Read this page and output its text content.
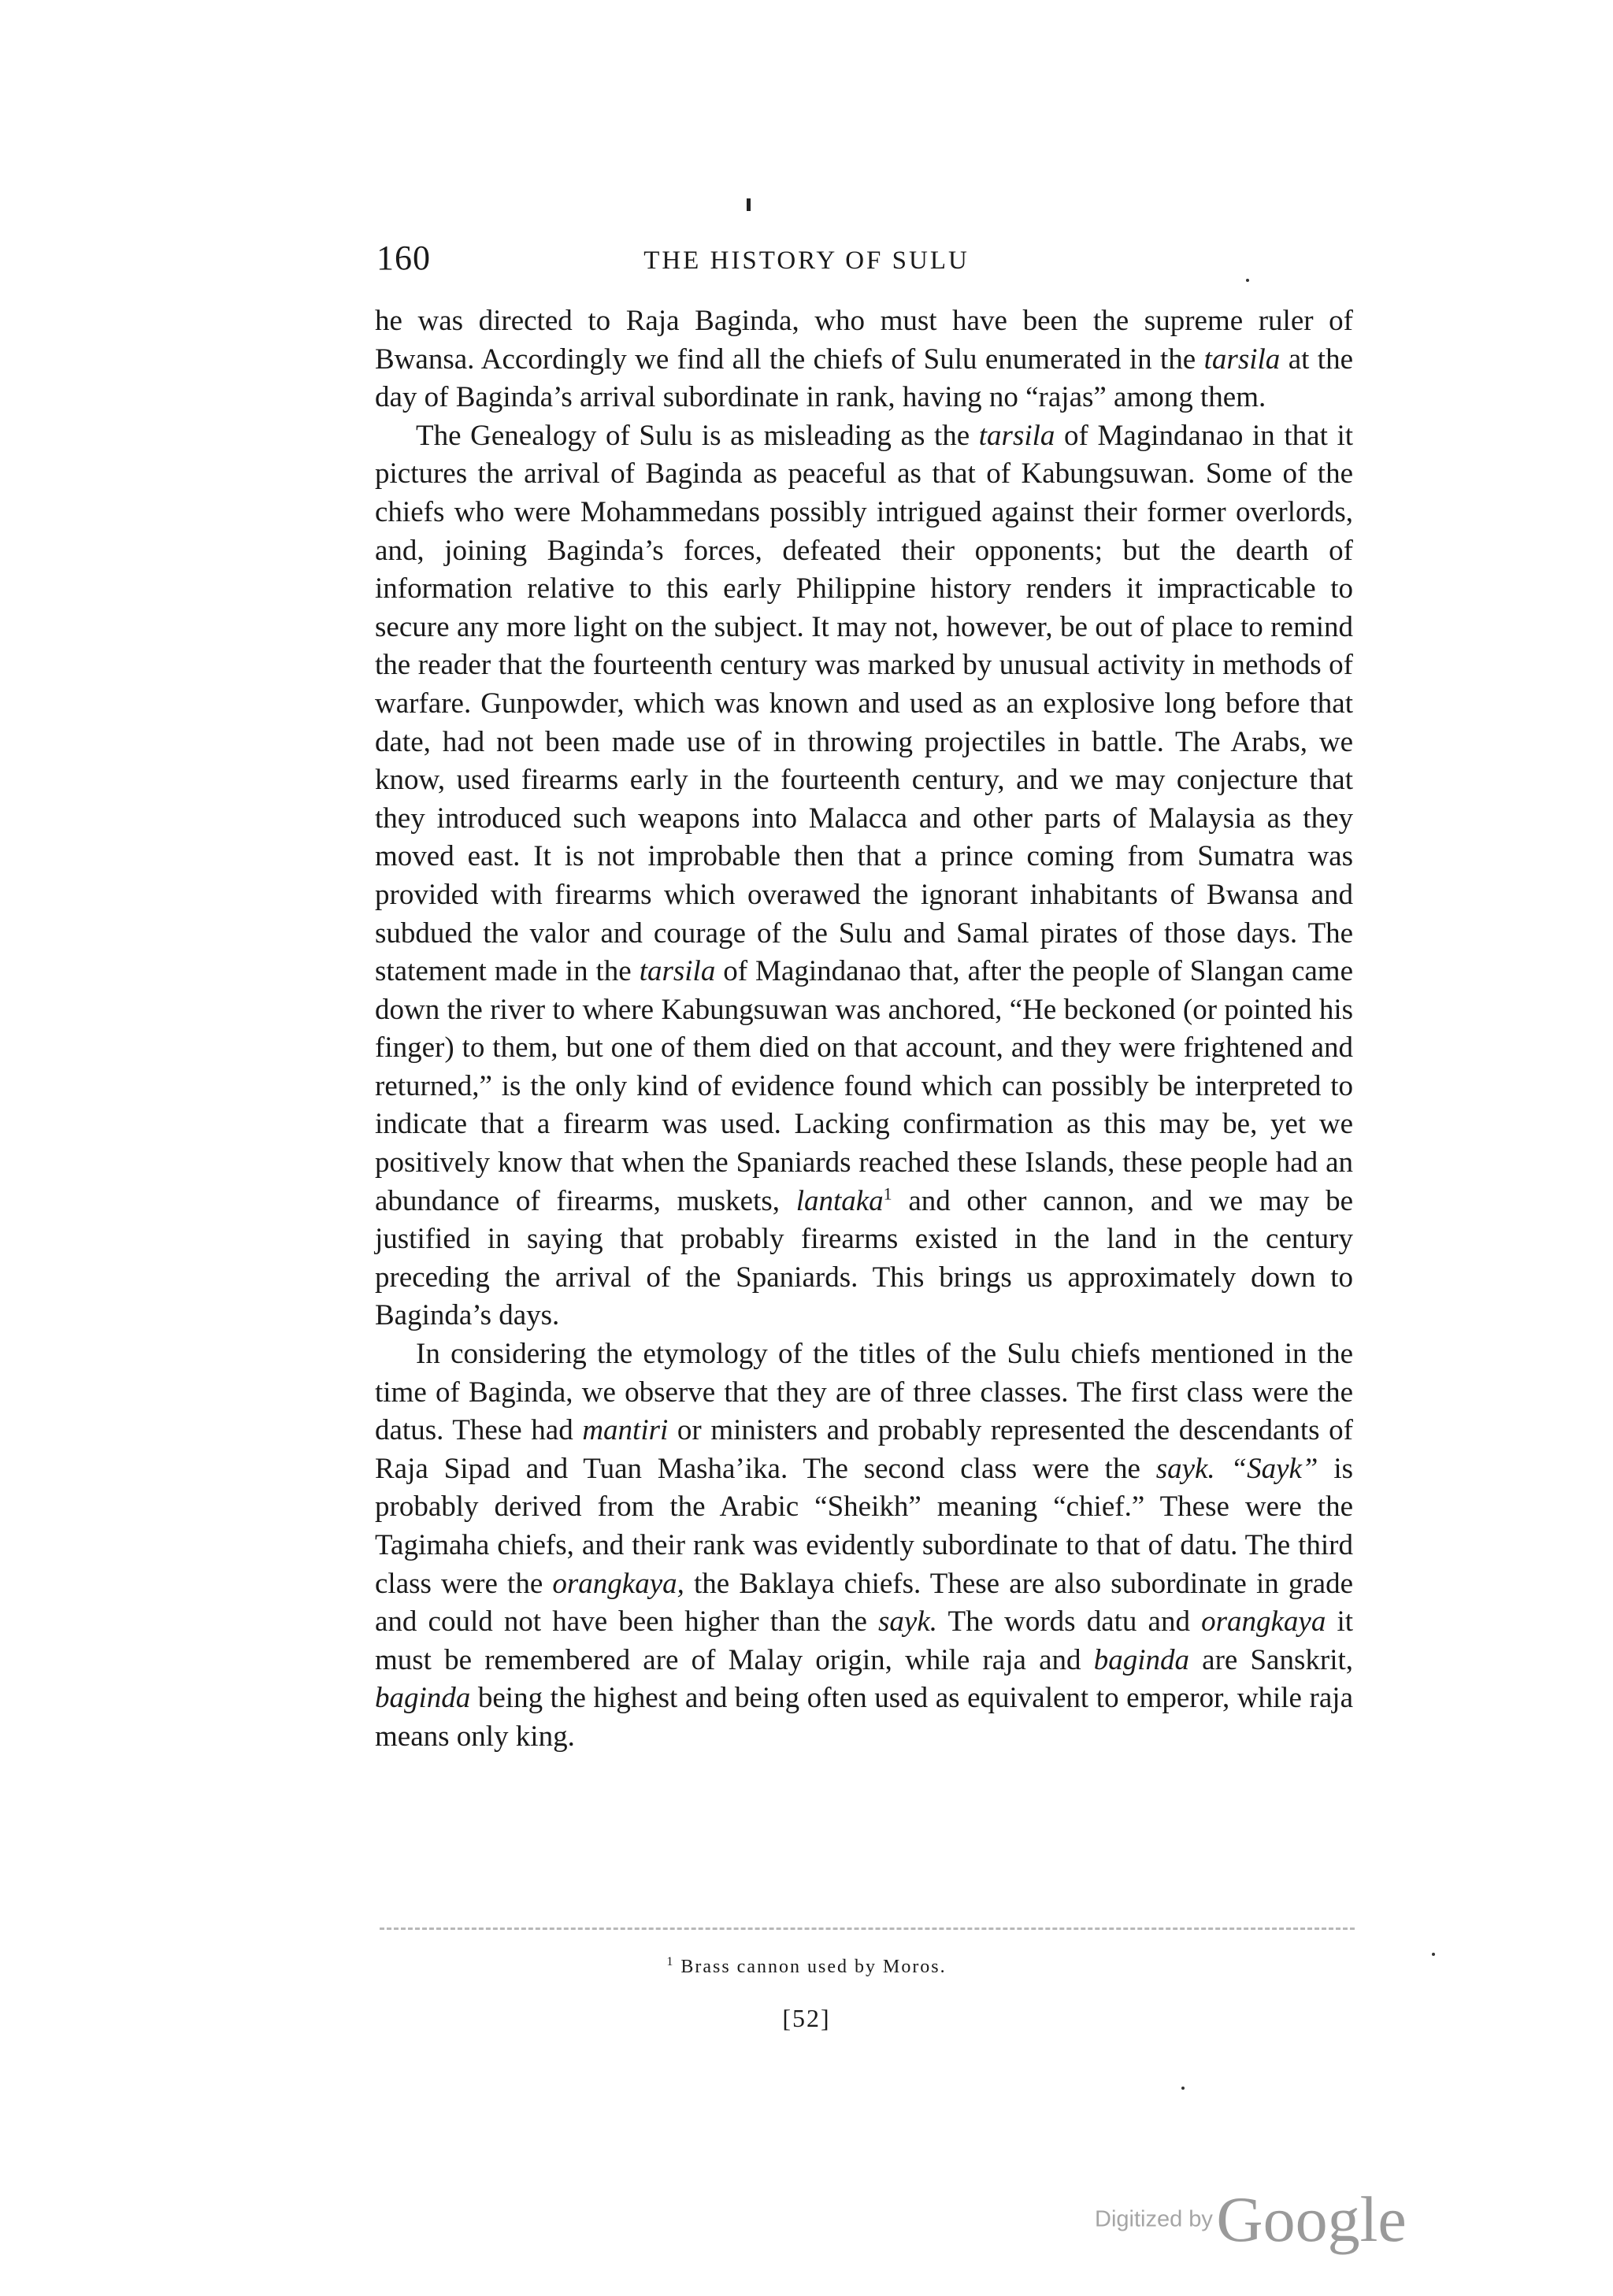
160	THE HISTORY OF SULU

he was directed to Raja Baginda, who must have been the supreme ruler of Bwansa. Accordingly we find all the chiefs of Sulu enumerated in the tarsila at the day of Baginda’s arrival subordinate in rank, having no “rajas” among them.

The Genealogy of Sulu is as misleading as the tarsila of Magindanao in that it pictures the arrival of Baginda as peaceful as that of Kabungsuwan. Some of the chiefs who were Mohammedans possibly intrigued against their former overlords, and, joining Baginda’s forces, defeated their opponents; but the dearth of information relative to this early Philippine history renders it impracticable to secure any more light on the subject. It may not, however, be out of place to remind the reader that the fourteenth century was marked by unusual activity in methods of warfare. Gunpowder, which was known and used as an explosive long before that date, had not been made use of in throwing projectiles in battle. The Arabs, we know, used firearms early in the fourteenth century, and we may conjecture that they introduced such weapons into Malacca and other parts of Malaysia as they moved east. It is not improbable then that a prince coming from Sumatra was provided with firearms which overawed the ignorant inhabitants of Bwansa and subdued the valor and courage of the Sulu and Samal pirates of those days. The statement made in the tarsila of Magindanao that, after the people of Slangan came down the river to where Kabungsuwan was anchored, “He beckoned (or pointed his finger) to them, but one of them died on that account, and they were frightened and returned,” is the only kind of evidence found which can possibly be interpreted to indicate that a firearm was used. Lacking confirmation as this may be, yet we positively know that when the Spaniards reached these Islands, these people had an abundance of firearms, muskets, lantaka$^1$ and other cannon, and we may be justified in saying that probably firearms existed in the land in the century preceding the arrival of the Spaniards. This brings us approximately down to Baginda’s days.

In considering the etymology of the titles of the Sulu chiefs mentioned in the time of Baginda, we observe that they are of three classes. The first class were the datus. These had mantiri or ministers and probably represented the descendants of Raja Sipad and Tuan Masha’ika. The second class were the sayk. “Sayk” is probably derived from the Arabic “Sheikh” meaning “chief.” These were the Tagimaha chiefs, and their rank was evidently subordinate to that of datu. The third class were the orangkaya, the Baklaya chiefs. These are also subordinate in grade and could not have been higher than the sayk. The words datu and orangkaya it must be remembered are of Malay origin, while raja and baginda are Sanskrit, baginda being the highest and being often used as equivalent to emperor, while raja means only king.

$^1$ Brass cannon used by Moros.
[52]
Digitized by Google
